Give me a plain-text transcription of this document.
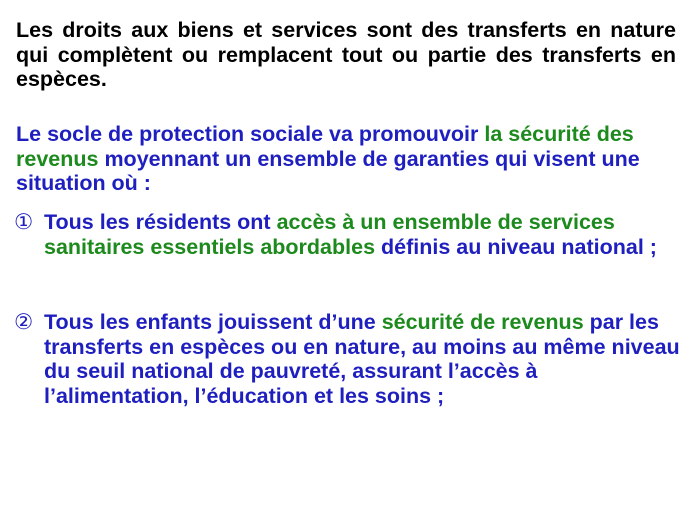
Les droits aux biens et services sont des transferts en nature qui complètent ou remplacent tout ou partie des transferts en espèces.

Le socle de protection sociale va promouvoir la sécurité des revenus moyennant un ensemble de garanties qui visent une situation où :

① Tous les résidents ont accès à un ensemble de services sanitaires essentiels abordables définis au niveau national ;

② Tous les enfants jouissent d’une sécurité de revenus par les transferts en espèces ou en nature, au moins au même niveau du seuil national de pauvreté, assurant l’accès à l’alimentation, l’éducation et les soins ;
